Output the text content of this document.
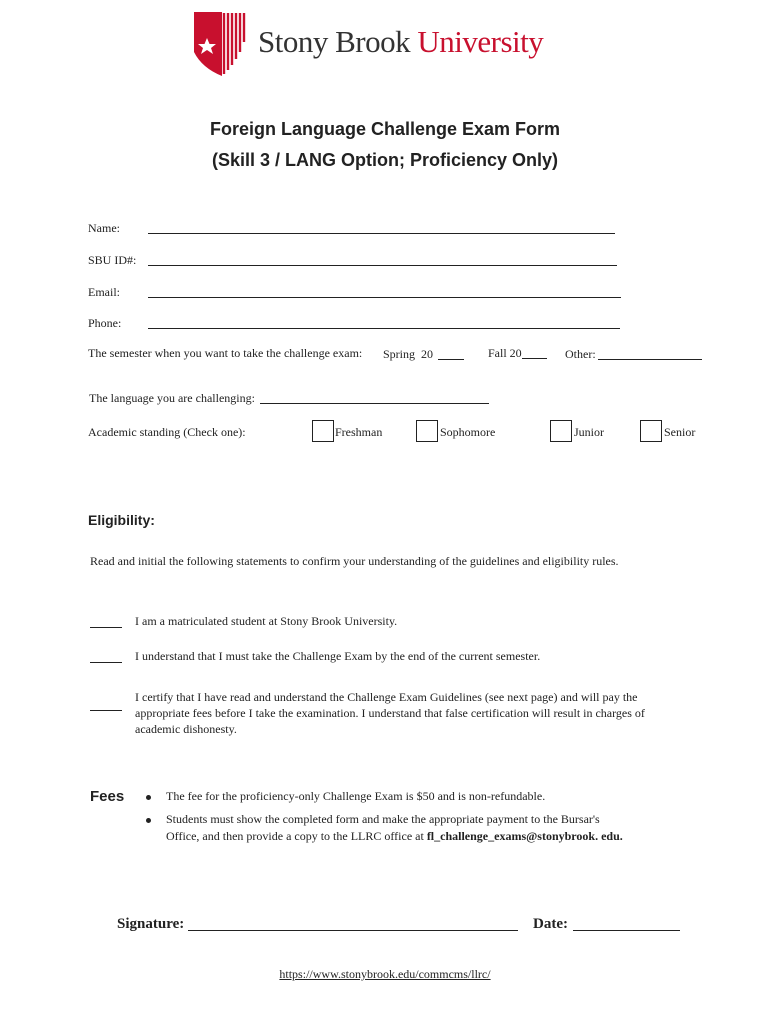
Stony Brook University
Foreign Language Challenge Exam Form
(Skill 3 / LANG Option; Proficiency Only)
Name:
SBU ID#:
Email:
Phone:
The semester when you want to take the challenge exam: Spring  20	Fall 20	Other:
The language you are challenging:
Academic standing (Check one):	Freshman	Sophomore	Junior	Senior
Eligibility:
Read and initial the following statements to confirm your understanding of the guidelines and eligibility rules.
I am a matriculated student at Stony Brook University.
I understand that I must take the Challenge Exam by the end of the current semester.
I certify that I have read and understand the Challenge Exam Guidelines (see next page) and will pay the
appropriate fees before I take the examination. I understand that false certification will result in charges of
academic dishonesty.
Fees	The fee for the proficiency-only Challenge Exam is $50 and is non-refundable.
Students must show the completed form and make the appropriate payment to the Bursar's
Office, and then provide a copy to the LLRC office at fl_challenge_exams@stonybrook. edu.
Signature:	Date:
https://www.stonybrook.edu/commcms/llrc/
